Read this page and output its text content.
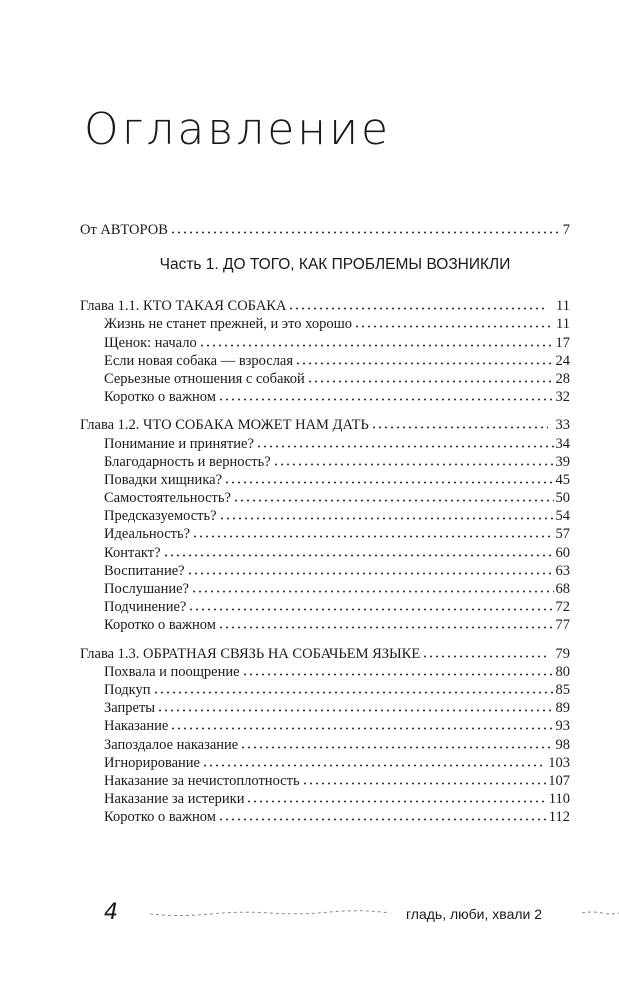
Оглавление
От АВТОРОВ	7
Часть 1. ДО ТОГО, КАК ПРОБЛЕМЫ ВОЗНИКЛИ
Глава 1.1. КТО ТАКАЯ СОБАКА	11
Жизнь не станет прежней, и это хорошо	11
Щенок: начало	17
Если новая собака — взрослая	24
Серьезные отношения с собакой	28
Коротко о важном	32
Глава 1.2. ЧТО СОБАКА МОЖЕТ НАМ ДАТЬ	33
Понимание и принятие?	34
Благодарность и верность?	39
Повадки хищника?	45
Самостоятельность?	50
Предсказуемость?	54
Идеальность?	57
Контакт?	60
Воспитание?	63
Послушание?	68
Подчинение?	72
Коротко о важном	77
Глава 1.3. ОБРАТНАЯ СВЯЗЬ НА СОБАЧЬЕМ ЯЗЫКЕ	79
Похвала и поощрение	80
Подкуп	85
Запреты	89
Наказание	93
Запоздалое наказание	98
Игнорирование	103
Наказание за нечистоплотность	107
Наказание за истерики	110
Коротко о важном	112
4	гладь, люби, хвали 2
